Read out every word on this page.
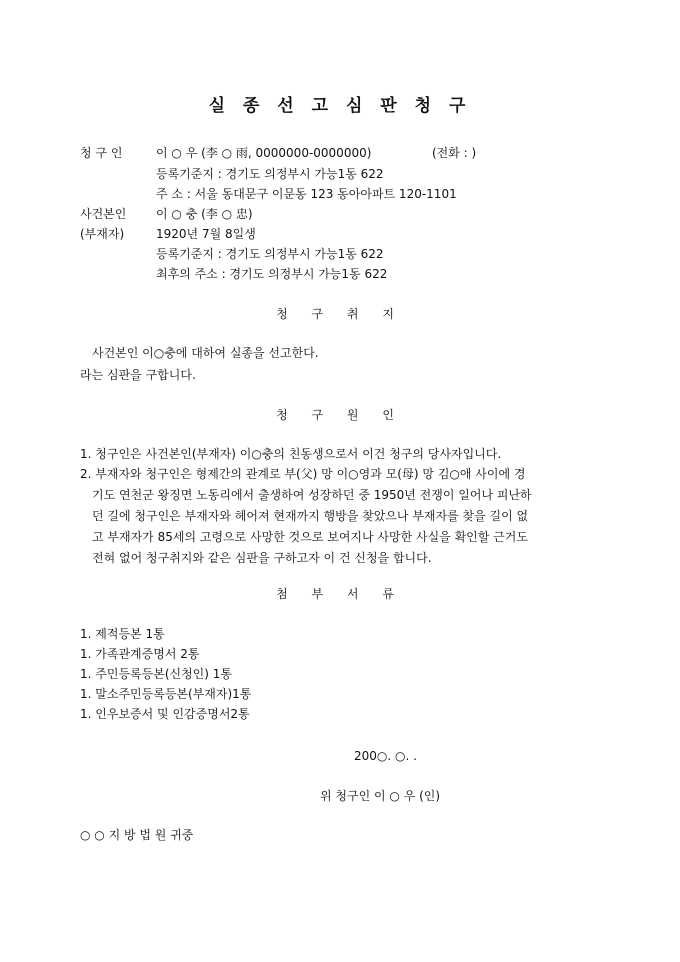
실 종 선 고 심 판 청 구
청 구 인	이 ○ 우 (李 ○ 雨, 0000000-0000000)	(전화 : )
등록기준지 : 경기도 의정부시 가능1동 622
주 소 : 서울 동대문구 이문동 123 동아아파트 120-1101
사건본인 이 ○ 충 (李 ○ 忠)
(부재자)	1920년 7월 8일생
등록기준지 : 경기도 의정부시 가능1동 622
최후의 주소 : 경기도 의정부시 가능1동 622
청 구 취 지
사건본인 이○충에 대하여 실종을 선고한다.
라는 심판을 구합니다.
청 구 원 인
1. 청구인은 사건본인(부재자) 이○충의 친동생으로서 이건 청구의 당사자입니다.
2. 부재자와 청구인은 형제간의 관계로 부(父) 망 이○영과 모(母) 망 김○애 사이에 경
기도 연천군 왕징면 노동리에서 출생하여 성장하던 중 1950년 전쟁이 일어나 피난하
던 길에 청구인은 부재자와 헤어져 현재까지 행방을 찾았으나 부재자를 찾을 길이 없
고 부재자가 85세의 고령으로 사망한 것으로 보여지나 사망한 사실을 확인할 근거도
전혀 없어 청구취지와 같은 심판을 구하고자 이 건 신청을 합니다.
첨 부 서 류
1. 제적등본 1통
1. 가족관계증명서 2통
1. 주민등록등본(신청인) 1통
1. 말소주민등록등본(부재자)1통
1. 인우보증서 및 인감증명서2통
200○. ○. .
위 청구인 이 ○ 우 (인)
○ ○ 지 방 법 원 귀중
